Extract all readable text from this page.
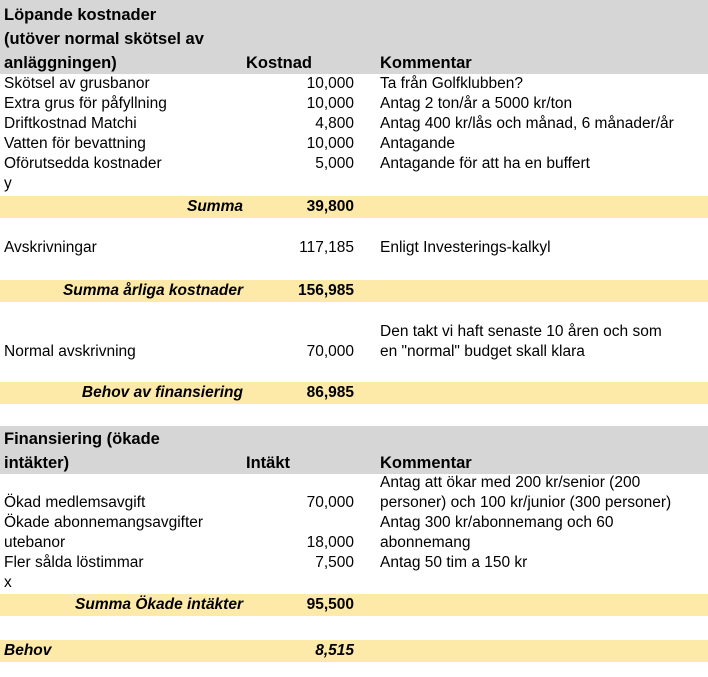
Löpande kostnader
(utöver normal skötsel av
anläggningen)	Kostnad	Kommentar
Skötsel av grusbanor	10,000 Ta från Golfklubben?
Extra grus för påfyllning	10,000 Antag 2 ton/år a 5000 kr/ton
Driftkostnad Matchi	4,800 Antag 400 kr/lås och månad, 6 månader/år
Vatten för bevattning	10,000 Antagande
Oförutsedda kostnader	5,000 Antagande för att ha en buffert
y
Summa	39,800
Avskrivningar	117,185 Enligt Investerings-kalkyl
Summa årliga kostnader	156,985
Den takt vi haft senaste 10 åren och som
Normal avskrivning	70,000 en "normal" budget skall klara
Behov av finansiering	86,985
Finansiering (ökade
intäkter)	Intäkt	Kommentar
Antag att ökar med 200 kr/senior (200
Ökad medlemsavgift	70,000 personer) och 100 kr/junior (300 personer)
Ökade abonnemangsavgifter	Antag 300 kr/abonnemang och 60
utebanor	18,000 abonnemang
Fler sålda löstimmar	7,500 Antag 50 tim a 150 kr
x
Summa Ökade intäkter	95,500
Behov	8,515
